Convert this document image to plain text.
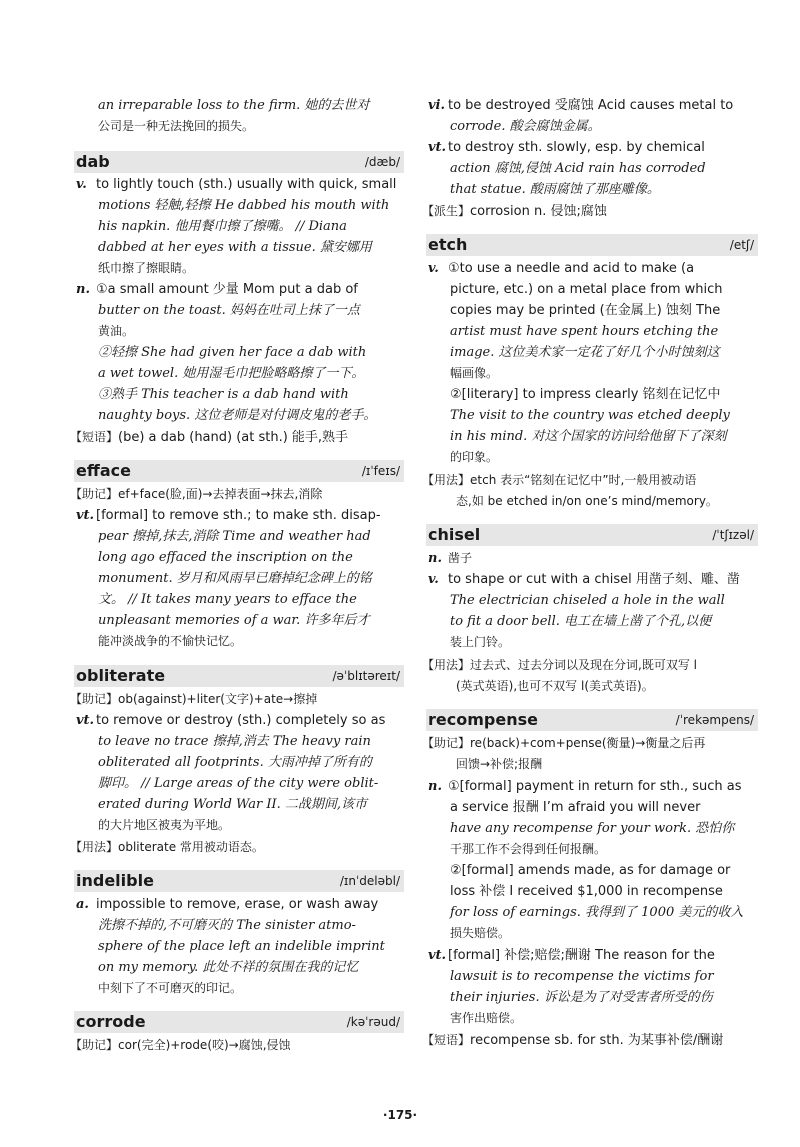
an irreparable loss to the firm. 她的去世对
公司是一种无法挽回的损失。
dab	/dæb/
v. to lightly touch (sth.) usually with quick, small
motions 轻触,轻擦 He dabbed his mouth with
his napkin. 他用餐巾擦了擦嘴。 // Diana
dabbed at her eyes with a tissue. 黛安娜用
纸巾擦了擦眼睛。
n. ①a small amount 少量 Mom put a dab of
butter on the toast. 妈妈在吐司上抹了一点
黄油。
②轻擦 She had given her face a dab with
a wet towel. 她用湿毛巾把脸略略擦了一下。
③熟手 This teacher is a dab hand with
naughty boys. 这位老师是对付调皮鬼的老手。
【短语】(be) a dab (hand) (at sth.) 能手,熟手
efface	/ɪˈfeɪs/
【助记】ef+face(脸,面)→去掉表面→抹去,消除
vt. [formal] to remove sth.; to make sth. disap-
pear 擦掉,抹去,消除 Time and weather had
long ago effaced the inscription on the
monument. 岁月和风雨早已磨掉纪念碑上的铭
文。 // It takes many years to efface the
unpleasant memories of a war. 许多年后才
能冲淡战争的不愉快记忆。
obliterate	/əˈblɪtəreɪt/
【助记】ob(against)+liter(文字)+ate→擦掉
vt. to remove or destroy (sth.) completely so as
to leave no trace 擦掉,消去 The heavy rain
obliterated all footprints. 大雨冲掉了所有的
脚印。 // Large areas of the city were oblit-
erated during World War II. 二战期间,该市
的大片地区被夷为平地。
【用法】obliterate 常用被动语态。
indelible	/ɪnˈdeləbl/
a. impossible to remove, erase, or wash away
洗擦不掉的,不可磨灭的 The sinister atmo-
sphere of the place left an indelible imprint
on my memory. 此处不祥的氛围在我的记忆
中刻下了不可磨灭的印记。
corrode	/kəˈrəud/
【助记】cor(完全)+rode(咬)→腐蚀,侵蚀
vi. to be destroyed 受腐蚀 Acid causes metal to
corrode. 酸会腐蚀金属。
vt. to destroy sth. slowly, esp. by chemical
action 腐蚀,侵蚀 Acid rain has corroded
that statue. 酸雨腐蚀了那座雕像。
【派生】corrosion n. 侵蚀;腐蚀
etch	/etʃ/
v. ①to use a needle and acid to make (a
picture, etc.) on a metal place from which
copies may be printed (在金属上) 蚀刻 The
artist must have spent hours etching the
image. 这位美术家一定花了好几个小时蚀刻这
幅画像。
②[literary] to impress clearly 铭刻在记忆中
The visit to the country was etched deeply
in his mind. 对这个国家的访问给他留下了深刻
的印象。
【用法】etch 表示“铭刻在记忆中”时,一般用被动语
态,如 be etched in/on one’s mind/memory。
chisel	/ˈtʃɪzəl/
n. 凿子
v. to shape or cut with a chisel 用凿子刻、雕、凿
The electrician chiseled a hole in the wall
to fit a door bell. 电工在墙上凿了个孔,以便
装上门铃。
【用法】过去式、过去分词以及现在分词,既可双写 l
(英式英语),也可不双写 l(美式英语)。
recompense	/ˈrekəmpens/
【助记】re(back)+com+pense(衡量)→衡量之后再
回馈→补偿;报酬
n. ①[formal] payment in return for sth., such as
a service 报酬 I’m afraid you will never
have any recompense for your work. 恐怕你
干那工作不会得到任何报酬。
②[formal] amends made, as for damage or
loss 补偿 I received $1,000 in recompense
for loss of earnings. 我得到了 1000 美元的收入
损失赔偿。
vt. [formal] 补偿;赔偿;酬谢 The reason for the
lawsuit is to recompense the victims for
their injuries. 诉讼是为了对受害者所受的伤
害作出赔偿。
【短语】recompense sb. for sth. 为某事补偿/酬谢
·175·
